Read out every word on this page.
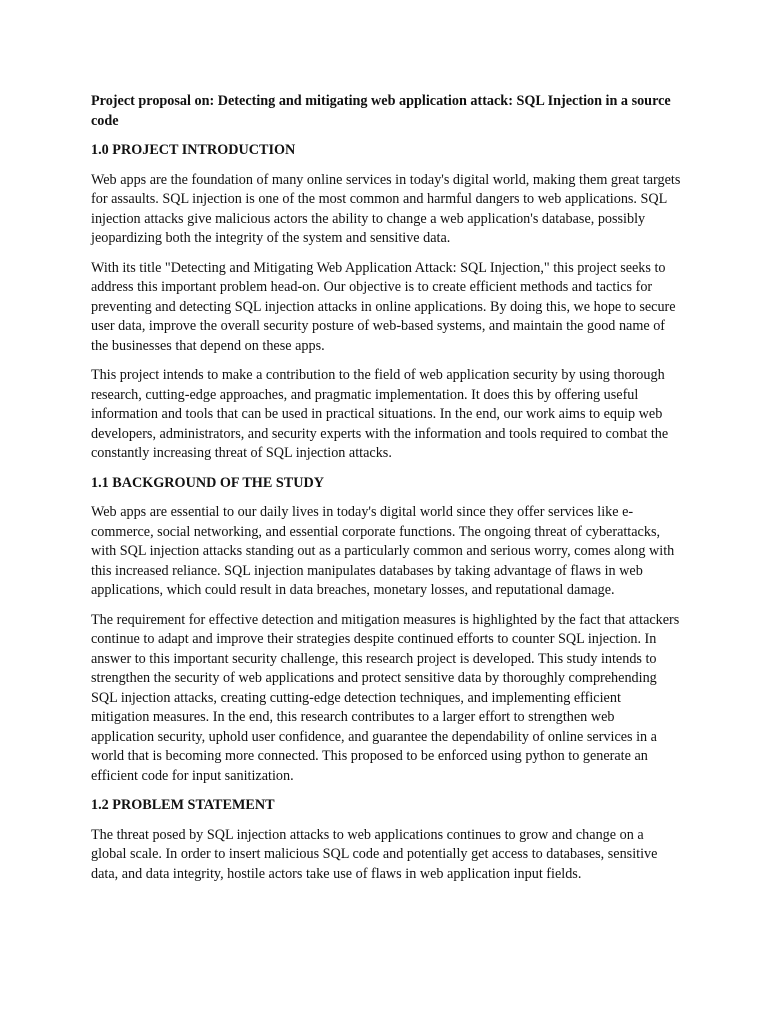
Project proposal on: Detecting and mitigating web application attack: SQL Injection in a source code

1.0 PROJECT INTRODUCTION

Web apps are the foundation of many online services in today's digital world, making them great targets for assaults. SQL injection is one of the most common and harmful dangers to web applications. SQL injection attacks give malicious actors the ability to change a web application's database, possibly jeopardizing both the integrity of the system and sensitive data.

With its title "Detecting and Mitigating Web Application Attack: SQL Injection," this project seeks to address this important problem head-on. Our objective is to create efficient methods and tactics for preventing and detecting SQL injection attacks in online applications. By doing this, we hope to secure user data, improve the overall security posture of web-based systems, and maintain the good name of the businesses that depend on these apps.

This project intends to make a contribution to the field of web application security by using thorough research, cutting-edge approaches, and pragmatic implementation. It does this by offering useful information and tools that can be used in practical situations. In the end, our work aims to equip web developers, administrators, and security experts with the information and tools required to combat the constantly increasing threat of SQL injection attacks.

1.1 BACKGROUND OF THE STUDY

Web apps are essential to our daily lives in today's digital world since they offer services like e-commerce, social networking, and essential corporate functions. The ongoing threat of cyberattacks, with SQL injection attacks standing out as a particularly common and serious worry, comes along with this increased reliance. SQL injection manipulates databases by taking advantage of flaws in web applications, which could result in data breaches, monetary losses, and reputational damage.

The requirement for effective detection and mitigation measures is highlighted by the fact that attackers continue to adapt and improve their strategies despite continued efforts to counter SQL injection. In answer to this important security challenge, this research project is developed. This study intends to strengthen the security of web applications and protect sensitive data by thoroughly comprehending SQL injection attacks, creating cutting-edge detection techniques, and implementing efficient mitigation measures. In the end, this research contributes to a larger effort to strengthen web application security, uphold user confidence, and guarantee the dependability of online services in a world that is becoming more connected. This proposed to be enforced using python to generate an efficient code for input sanitization.

1.2 PROBLEM STATEMENT

The threat posed by SQL injection attacks to web applications continues to grow and change on a global scale. In order to insert malicious SQL code and potentially get access to databases, sensitive data, and data integrity, hostile actors take use of flaws in web application input fields.
